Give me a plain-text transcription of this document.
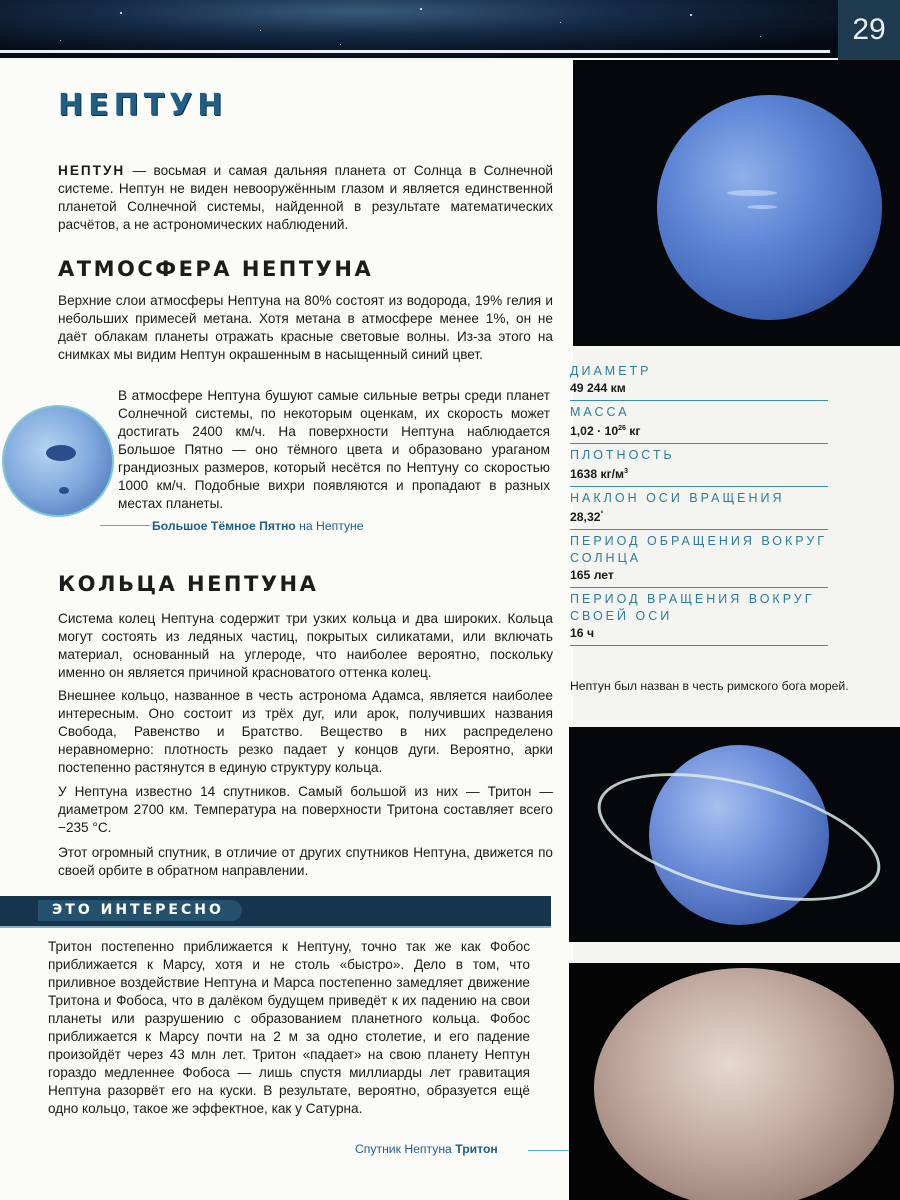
29
НЕПТУН
НЕПТУН — восьмая и самая дальняя планета от Солнца в Солнечной системе. Нептун не виден невооружённым глазом и является единственной планетой Солнечной системы, найденной в результате математических расчётов, а не астрономических наблюдений.
АТМОСФЕРА НЕПТУНА
Верхние слои атмосферы Нептуна на 80% состоят из водорода, 19% гелия и небольших примесей метана. Хотя метана в атмосфере менее 1%, он не даёт облакам планеты отражать красные световые волны. Из-за этого на снимках мы видим Нептун окрашенным в насыщенный синий цвет.
В атмосфере Нептуна бушуют самые сильные ветры среди планет Солнечной системы, по некоторым оценкам, их скорость может достигать 2400 км/ч. На поверхности Нептуна наблюдается Большое Пятно — оно тёмного цвета и образовано ураганом грандиозных размеров, который несётся по Нептуну со скоростью 1000 км/ч. Подобные вихри появляются и пропадают в разных местах планеты.
Большое Тёмное Пятно на Нептуне
КОЛЬЦА НЕПТУНА
Система колец Нептуна содержит три узких кольца и два широких. Кольца могут состоять из ледяных частиц, покрытых силикатами, или включать материал, основанный на углероде, что наиболее вероятно, поскольку именно он является причиной красноватого оттенка колец.
Внешнее кольцо, названное в честь астронома Адамса, является наиболее интересным. Оно состоит из трёх дуг, или арок, получивших названия Свобода, Равенство и Братство. Вещество в них распределено неравномерно: плотность резко падает у концов дуги. Вероятно, арки постепенно растянутся в единую структуру кольца.
У Нептуна известно 14 спутников. Самый большой из них — Тритон — диаметром 2700 км. Температура на поверхности Тритона составляет всего −235 °C.
Этот огромный спутник, в отличие от других спутников Нептуна, движется по своей орбите в обратном направлении.
ДИАМЕТР
49 244 км
МАССА
$1,02 \cdot 10^{26}$ кг
ПЛОТНОСТЬ
1638 $кг/м^3$
НАКЛОН ОСИ ВРАЩЕНИЯ
28,32°
ПЕРИОД ОБРАЩЕНИЯ ВОКРУГ СОЛНЦА
165 лет
ПЕРИОД ВРАЩЕНИЯ ВОКРУГ СВОЕЙ ОСИ
16 ч
Нептун был назван в честь римского бога морей.
ЭТО ИНТЕРЕСНО
Тритон постепенно приближается к Нептуну, точно так же как Фобос приближается к Марсу, хотя и не столь «быстро». Дело в том, что приливное воздействие Нептуна и Марса постепенно замедляет движение Тритона и Фобоса, что в далёком будущем приведёт к их падению на свои планеты или разрушению с образованием планетного кольца. Фобос приближается к Марсу почти на 2 м за одно столетие, и его падение произойдёт через 43 млн лет. Тритон «падает» на свою планету Нептун гораздо медленнее Фобоса — лишь спустя миллиарды лет гравитация Нептуна разорвёт его на куски. В результате, вероятно, образуется ещё одно кольцо, такое же эффектное, как у Сатурна.
Спутник Нептуна Тритон
